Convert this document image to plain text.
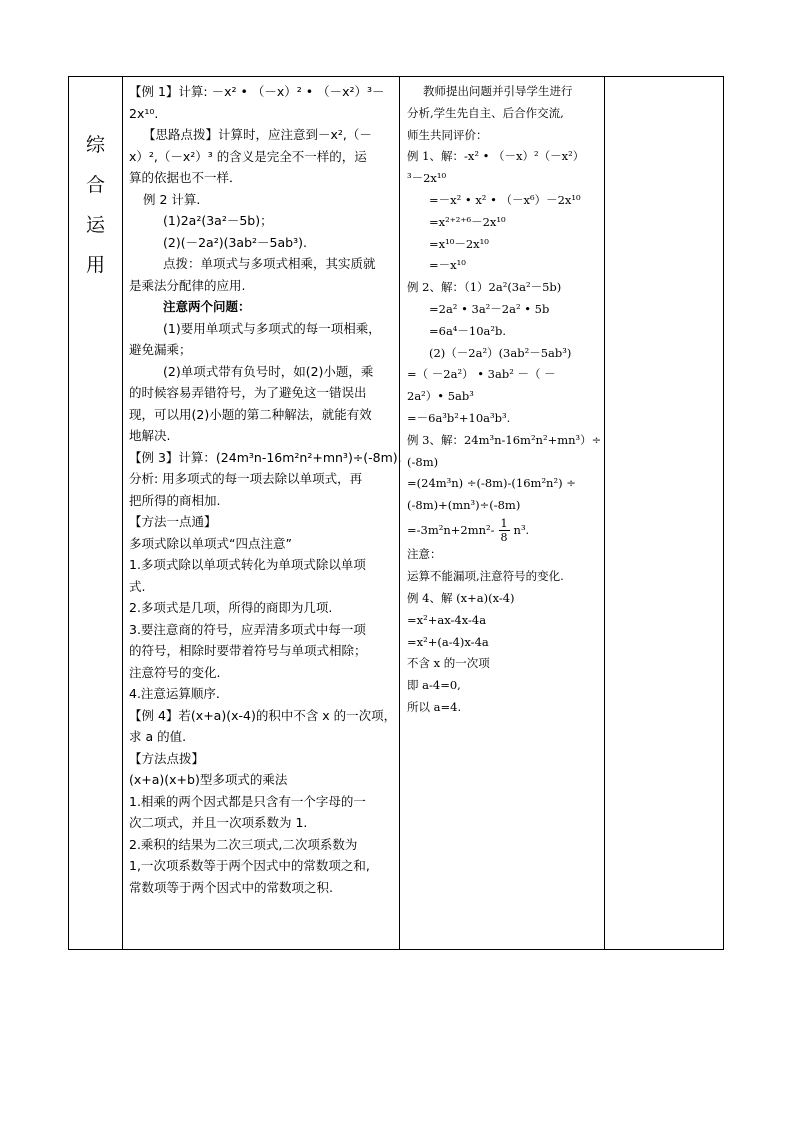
综
合
运
用

【例 1】计算: －x² • （－x）² • （－x²）³－

2x¹⁰.

【思路点拨】计算时，应注意到－x²,（－

x）²,（－x²）³ 的含义是完全不一样的，运

算的依据也不一样．

例 2 计算.

(1)2a²(3a²－5b)；

(2)(－2a²)(3ab²－5ab³).

点拨：单项式与多项式相乘，其实质就

是乘法分配律的应用.

注意两个问题：

(1)要用单项式与多项式的每一项相乘，

避免漏乘；

(2)单项式带有负号时，如(2)小题，乘

的时候容易弄错符号，为了避免这一错误出

现，可以用(2)小题的第二种解法，就能有效

地解决.

【例 3】计算：(24m³n-16m²n²+mn³)÷(-8m).

分析: 用多项式的每一项去除以单项式，再

把所得的商相加.

【方法一点通】

多项式除以单项式“四点注意”

1.多项式除以单项式转化为单项式除以单项

式.

2.多项式是几项，所得的商即为几项.

3.要注意商的符号，应弄清多项式中每一项

的符号，相除时要带着符号与单项式相除；

注意符号的变化.

4.注意运算顺序.

【例 4】若(x+a)(x-4)的积中不含 x 的一次项，

求 a 的值.

【方法点拨】

(x+a)(x+b)型多项式的乘法

1.相乘的两个因式都是只含有一个字母的一

次二项式，并且一次项系数为 1.

2.乘积的结果为二次三项式,二次项系数为

1,一次项系数等于两个因式中的常数项之和,

常数项等于两个因式中的常数项之积.

教师提出问题并引导学生进行

分析,学生先自主、后合作交流,

师生共同评价：

例 1、解：-x² • （－x）²（－x²）

³－2x¹⁰

=－x² • x² • （－x⁶）－2x¹⁰

=x²⁺²⁺⁶－2x¹⁰

=x¹⁰－2x¹⁰

=－x¹⁰

例 2、解：（1）2a²(3a²－5b)

=2a² • 3a²－2a² • 5b

=6a⁴－10a²b.

(2)（－2a²）(3ab²－5ab³)

=（ －2a²） • 3ab² －（ －

2a²）• 5ab³

=－6a³b²+10a³b³.

例 3、解：24m³n-16m²n²+mn³）÷

(-8m)

=(24m³n) ÷(-8m)-(16m²n²) ÷

(-8m)+(mn³)÷(-8m)

$=-3m^2n+2mn^2- \frac{1}{8} n^3$.

注意：

运算不能漏项,注意符号的变化.

例 4、解 (x+a)(x-4)

=x²+ax-4x-4a

=x²+(a-4)x-4a

不含 x 的一次项

即 a-4=0,

所以 a=4.
